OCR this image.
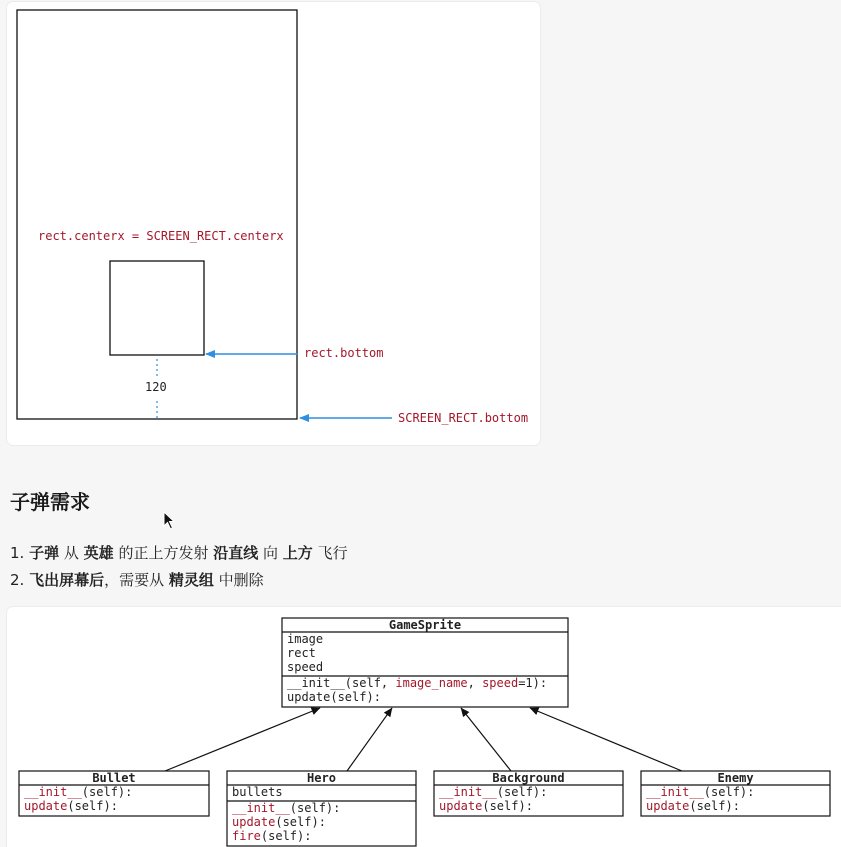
rect.centerx = SCREEN_RECT.centerx
rect.bottom
120
SCREEN_RECT.bottom
子弹需求
1. 子弹 从 英雄 的正上方发射 沿直线 向 上方 飞行
2. 飞出屏幕后，需要从 精灵组 中删除
GameSprite
image
rect
speed
__init__(self, image_name, speed=1):
update(self):
Bullet
__init__(self):
update(self):
Hero
bullets
__init__(self):
update(self):
fire(self):
Background
__init__(self):
update(self):
Enemy
__init__(self):
update(self):
